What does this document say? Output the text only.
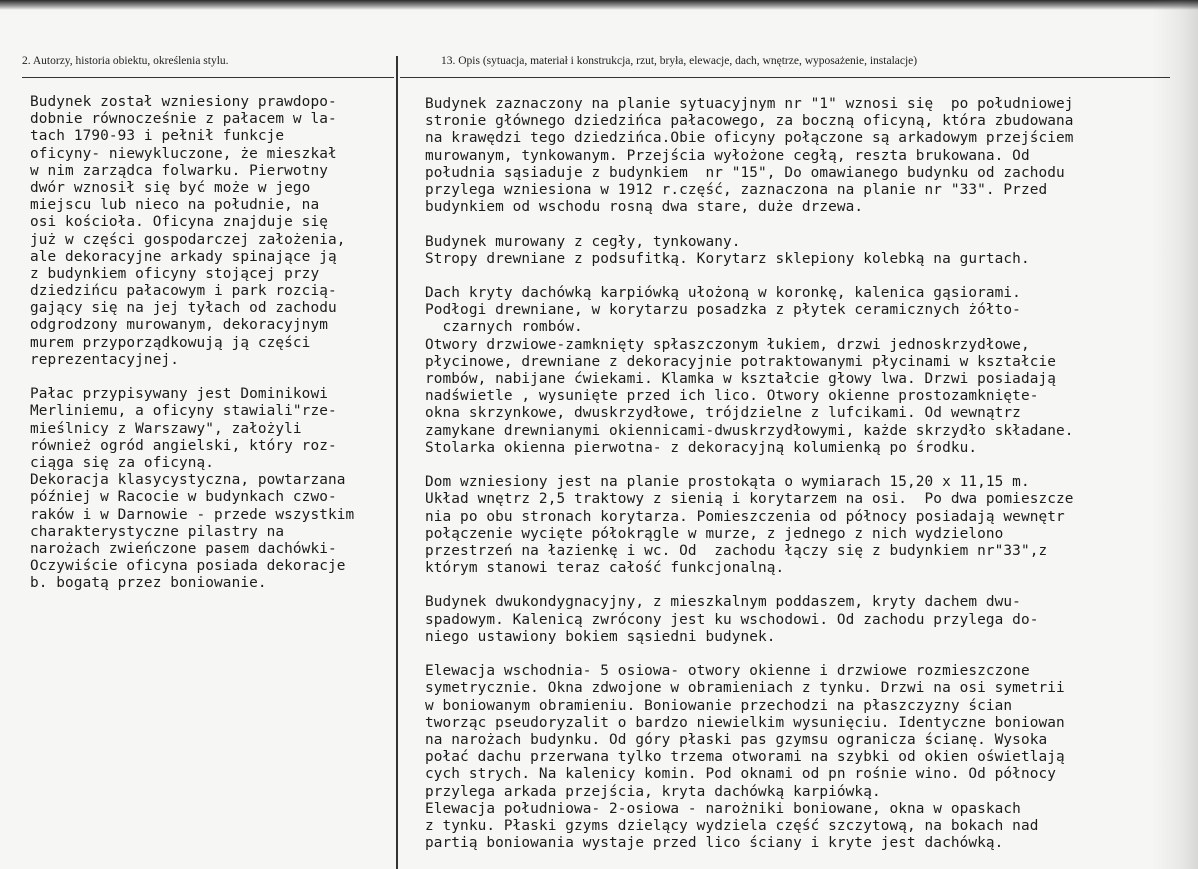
2. Autorzy, historia obiektu, określenia stylu.	13. Opis (sytuacja, materiał i konstrukcja, rzut, bryła, elewacje, dach, wnętrze, wyposażenie, instalacje)
Budynek został wzniesiony prawdopo-
dobnie równocześnie z pałacem w la-
tach 1790-93 i pełnił funkcje
oficyny- niewykluczone, że mieszkał
w nim zarządca folwarku. Pierwotny
dwór wznosił się być może w jego
miejscu lub nieco na południe, na
osi kościoła. Oficyna znajduje się
już w części gospodarczej założenia,
ale dekoracyjne arkady spinające ją
z budynkiem oficyny stojącej przy
dziedzińcu pałacowym i park rozcią-
gający się na jej tyłach od zachodu
odgrodzony murowanym, dekoracyjnym
murem przyporządkowują ją części
reprezentacyjnej.
Pałac przypisywany jest Dominikowi
Merliniemu, a oficyny stawiali"rze-
mieślnicy z Warszawy", założyli
również ogród angielski, który roz-
ciąga się za oficyną.
Dekoracja klasycystyczna, powtarzana
później w Racocie w budynkach czwo-
raków i w Darnowie - przede wszystkim
charakterystyczne pilastry na
narożach zwieńczone pasem dachówki-
Oczywiście oficyna posiada dekoracje
b. bogatą przez boniowanie.
Budynek zaznaczony na planie sytuacyjnym nr "1" wznosi się  po południowej
stronie głównego dziedzińca pałacowego, za boczną oficyną, która zbudowana
na krawędzi tego dziedzińca.Obie oficyny połączone są arkadowym przejściem
murowanym, tynkowanym. Przejścia wyłożone cegłą, reszta brukowana. Od
południa sąsiaduje z budynkiem  nr "15", Do omawianego budynku od zachodu
przylega wzniesiona w 1912 r.część, zaznaczona na planie nr "33". Przed
budynkiem od wschodu rosną dwa stare, duże drzewa.
Budynek murowany z cegły, tynkowany.
Stropy drewniane z podsufitką. Korytarz sklepiony kolebką na gurtach.
Dach kryty dachówką karpiówką ułożoną w koronkę, kalenica gąsiorami.
Podłogi drewniane, w korytarzu posadzka z płytek ceramicznych żółto-
czarnych rombów.
Otwory drzwiowe-zamknięty spłaszczonym łukiem, drzwi jednoskrzydłowe,
płycinowe, drewniane z dekoracyjnie potraktowanymi płycinami w kształcie
rombów, nabijane ćwiekami. Klamka w kształcie głowy lwa. Drzwi posiadają
nadświetle , wysunięte przed ich lico. Otwory okienne prostozamknięte-
okna skrzynkowe, dwuskrzydłowe, trójdzielne z lufcikami. Od wewnątrz
zamykane drewnianymi okiennicami-dwuskrzydłowymi, każde skrzydło składane.
Stolarka okienna pierwotna- z dekoracyjną kolumienką po środku.
Dom wzniesiony jest na planie prostokąta o wymiarach 15,20 x 11,15 m.
Układ wnętrz 2,5 traktowy z sienią i korytarzem na osi.  Po dwa pomieszcze
nia po obu stronach korytarza. Pomieszczenia od północy posiadają wewnętr
połączenie wycięte półokrągle w murze, z jednego z nich wydzielono
przestrzeń na łazienkę i wc. Od  zachodu łączy się z budynkiem nr"33",z
którym stanowi teraz całość funkcjonalną.
Budynek dwukondygnacyjny, z mieszkalnym poddaszem, kryty dachem dwu-
spadowym. Kalenicą zwrócony jest ku wschodowi. Od zachodu przylega do-
niego ustawiony bokiem sąsiedni budynek.
Elewacja wschodnia- 5 osiowa- otwory okienne i drzwiowe rozmieszczone
symetrycznie. Okna zdwojone w obramieniach z tynku. Drzwi na osi symetrii
w boniowanym obramieniu. Boniowanie przechodzi na płaszczyzny ścian
tworząc pseudoryzalit o bardzo niewielkim wysunięciu. Identyczne boniowan
na narożach budynku. Od góry płaski pas gzymsu ogranicza ścianę. Wysoka
połać dachu przerwana tylko trzema otworami na szybki od okien oświetlają
cych strych. Na kalenicy komin. Pod oknami od pn rośnie wino. Od północy
przylega arkada przejścia, kryta dachówką karpiówką.
Elewacja południowa- 2-osiowa - narożniki boniowane, okna w opaskach
z tynku. Płaski gzyms dzielący wydziela część szczytową, na bokach nad
partią boniowania wystaje przed lico ściany i kryte jest dachówką.
